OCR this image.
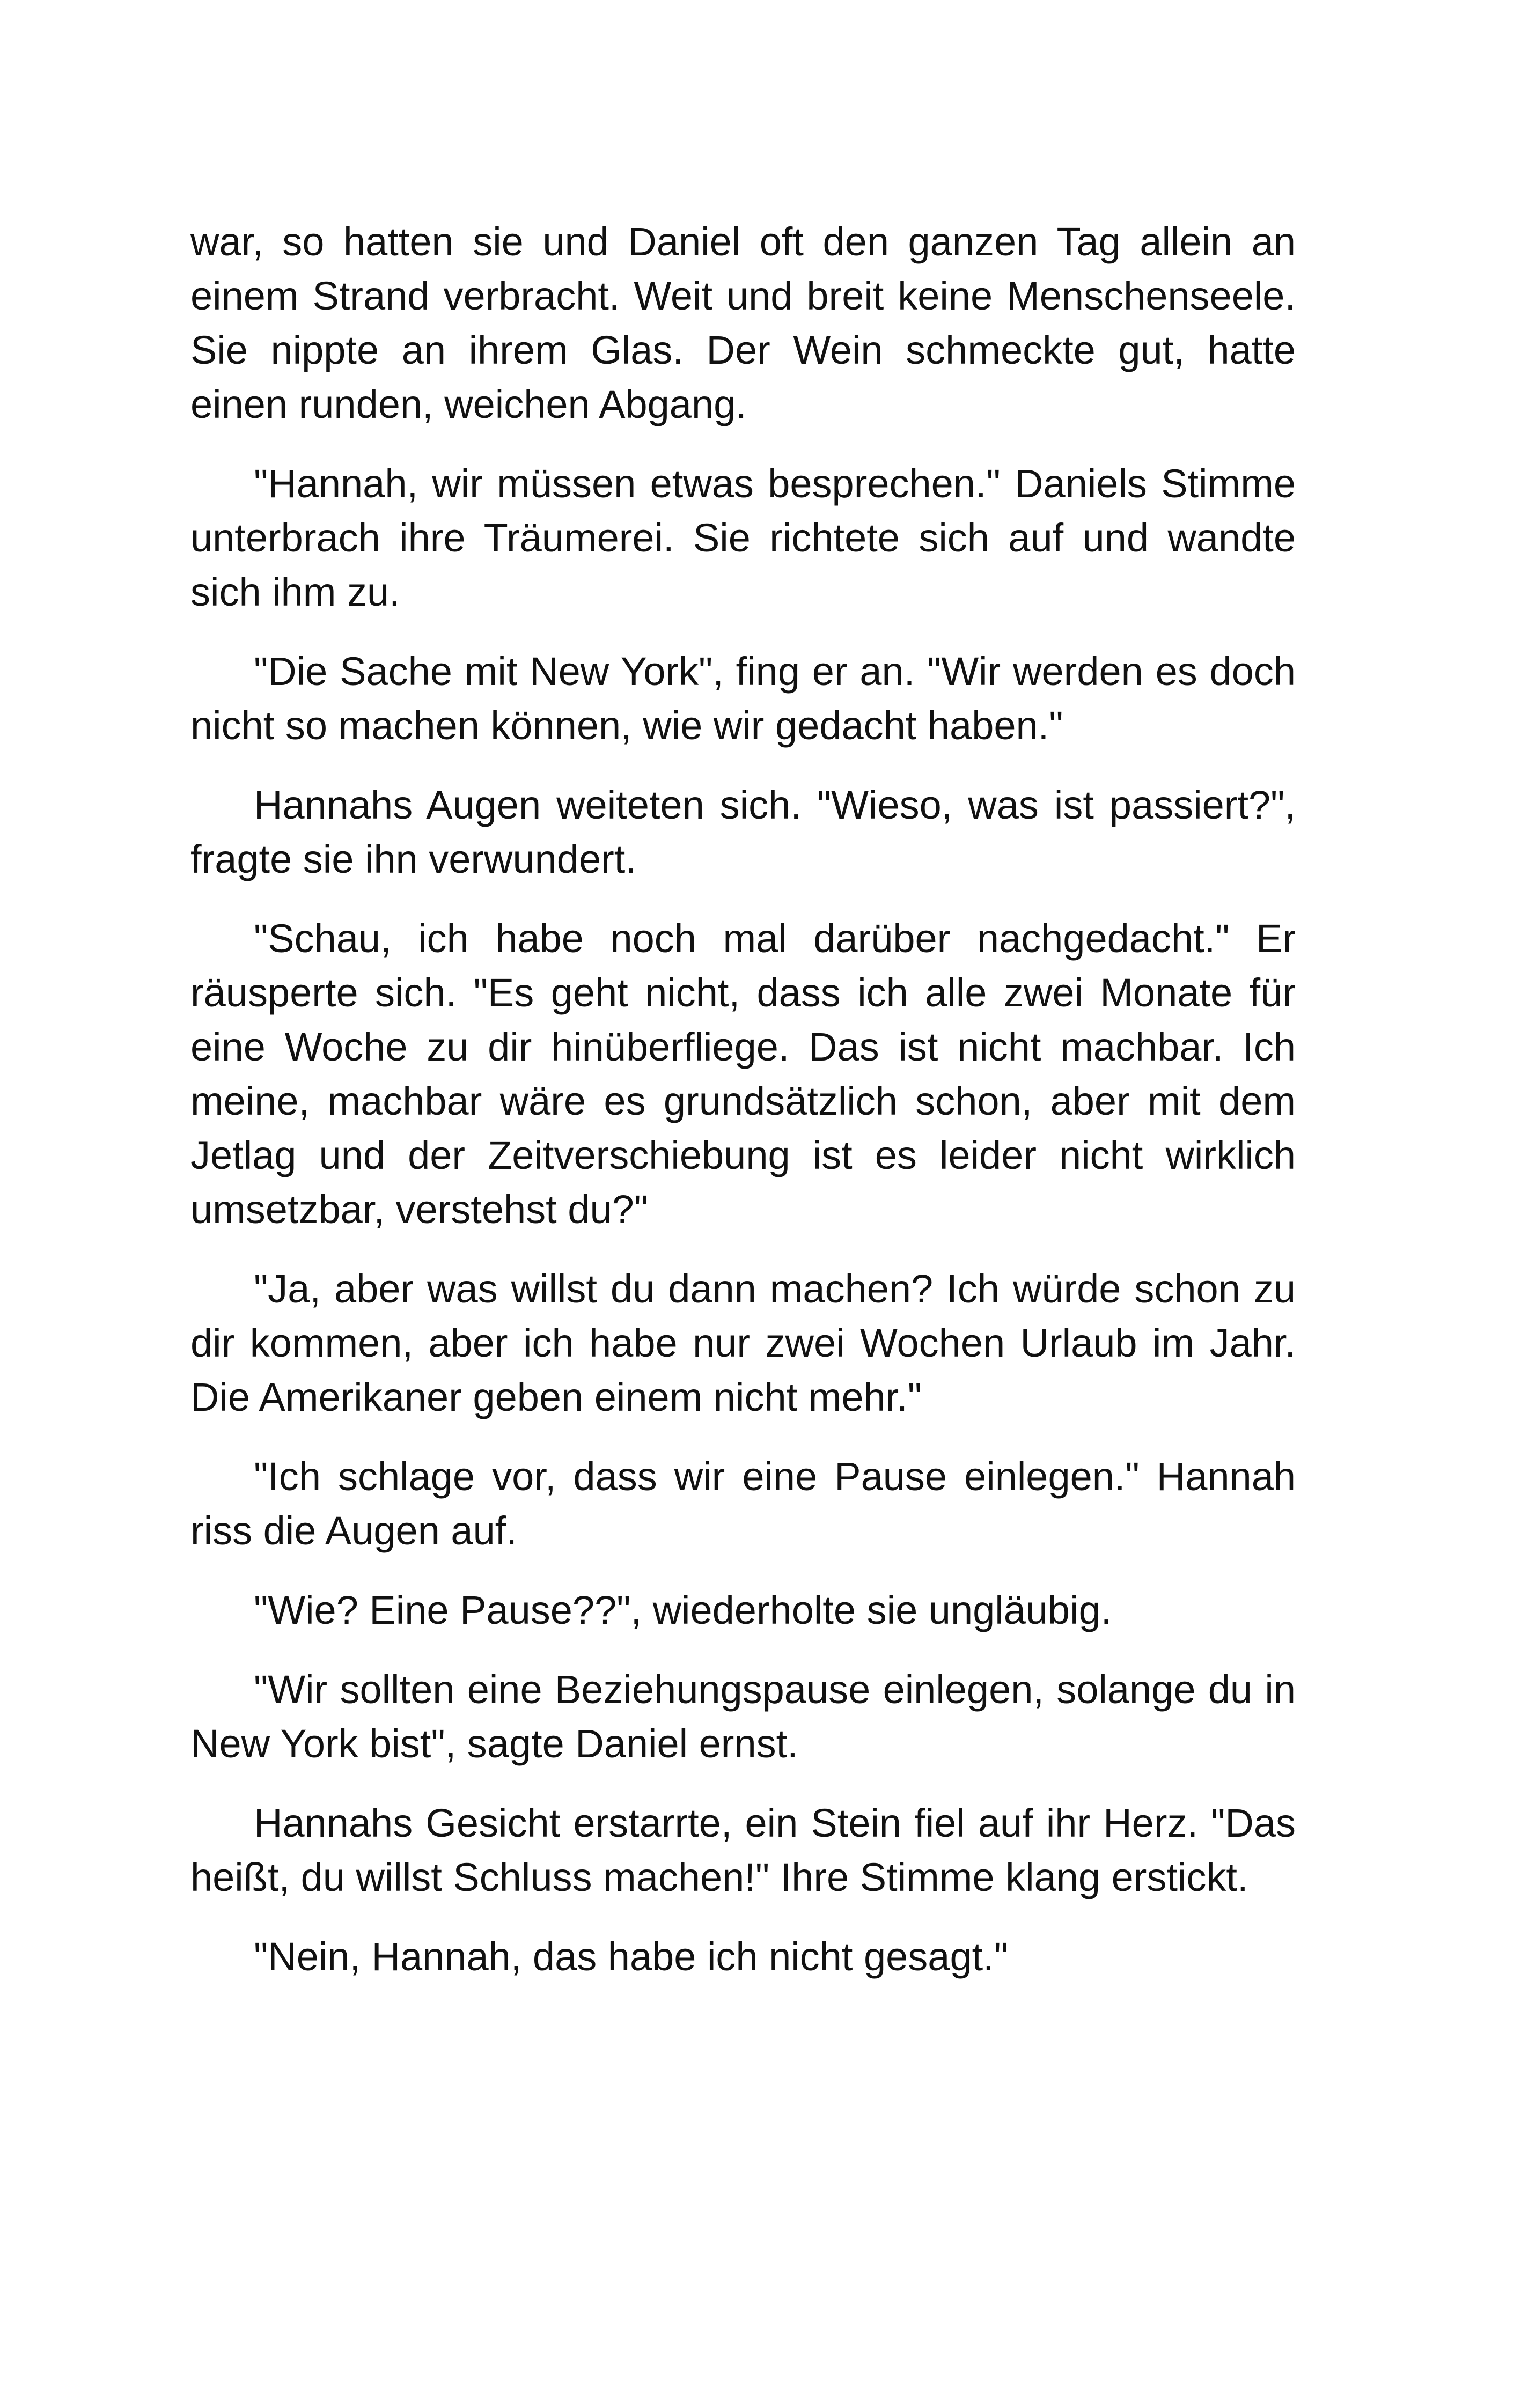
war, so hatten sie und Daniel oft den ganzen Tag allein an einem Strand verbracht. Weit und breit keine Menschenseele. Sie nippte an ihrem Glas. Der Wein schmeckte gut, hatte einen runden, weichen Abgang.

"Hannah, wir müssen etwas besprechen." Daniels Stimme unterbrach ihre Träumerei. Sie richtete sich auf und wandte sich ihm zu.

"Die Sache mit New York", fing er an. "Wir werden es doch nicht so machen können, wie wir gedacht haben."

Hannahs Augen weiteten sich. "Wieso, was ist passiert?", fragte sie ihn verwundert.

"Schau, ich habe noch mal darüber nachgedacht." Er räusperte sich. "Es geht nicht, dass ich alle zwei Monate für eine Woche zu dir hinüberfliege. Das ist nicht machbar. Ich meine, machbar wäre es grundsätzlich schon, aber mit dem Jetlag und der Zeitverschiebung ist es leider nicht wirklich umsetzbar, verstehst du?"

"Ja, aber was willst du dann machen? Ich würde schon zu dir kommen, aber ich habe nur zwei Wochen Urlaub im Jahr. Die Amerikaner geben einem nicht mehr."

"Ich schlage vor, dass wir eine Pause einlegen." Hannah riss die Augen auf.

"Wie? Eine Pause??", wiederholte sie ungläubig.

"Wir sollten eine Beziehungspause einlegen, solange du in New York bist", sagte Daniel ernst.

Hannahs Gesicht erstarrte, ein Stein fiel auf ihr Herz. "Das heißt, du willst Schluss machen!" Ihre Stimme klang erstickt.

"Nein, Hannah, das habe ich nicht gesagt."
